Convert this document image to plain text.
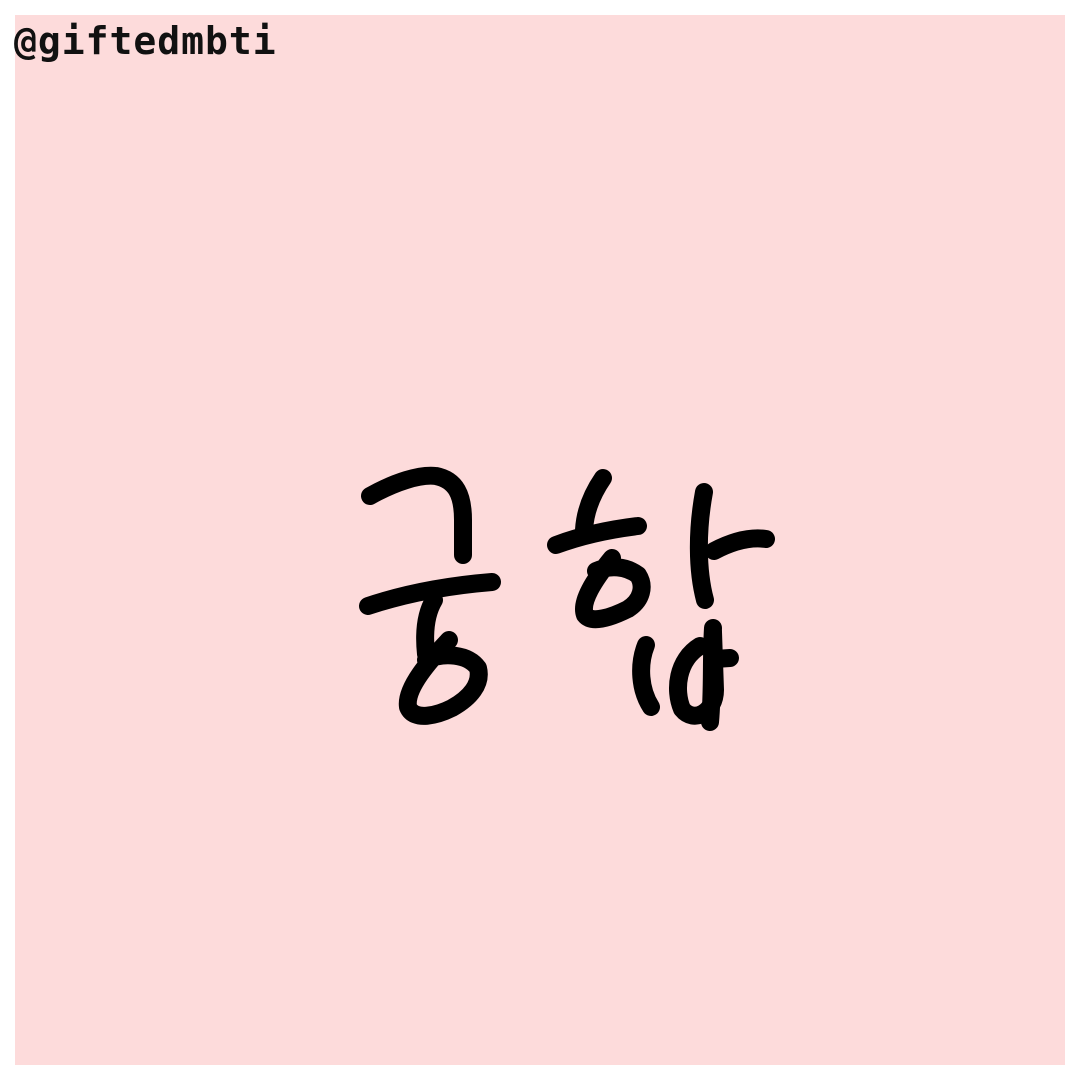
@giftedmbti
